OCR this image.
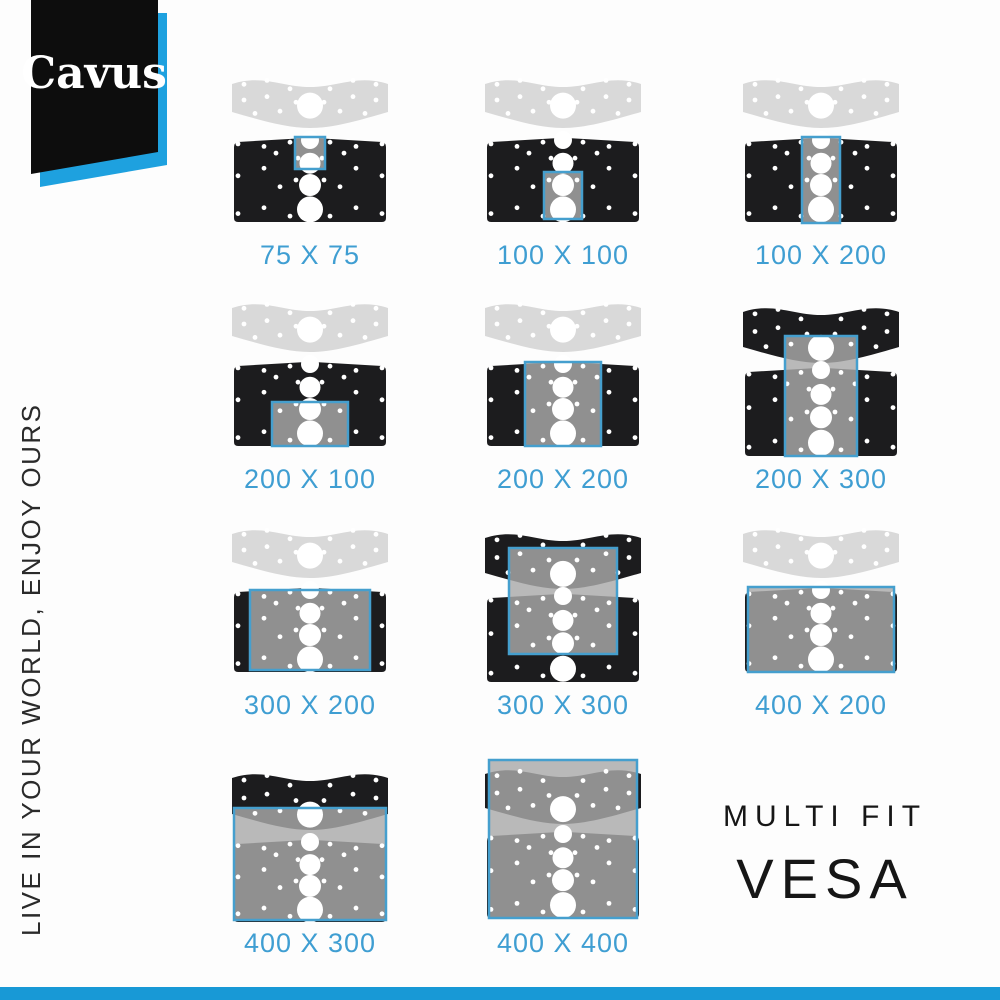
Cavus
LIVE IN YOUR WORLD, ENJOY OURS
75 X 75	100 X 100	100 X 200
200 X 100	200 X 200	200 X 300
300 X 200	300 X 300	400 X 200
400 X 300	400 X 400
MULTI FIT
VESA
